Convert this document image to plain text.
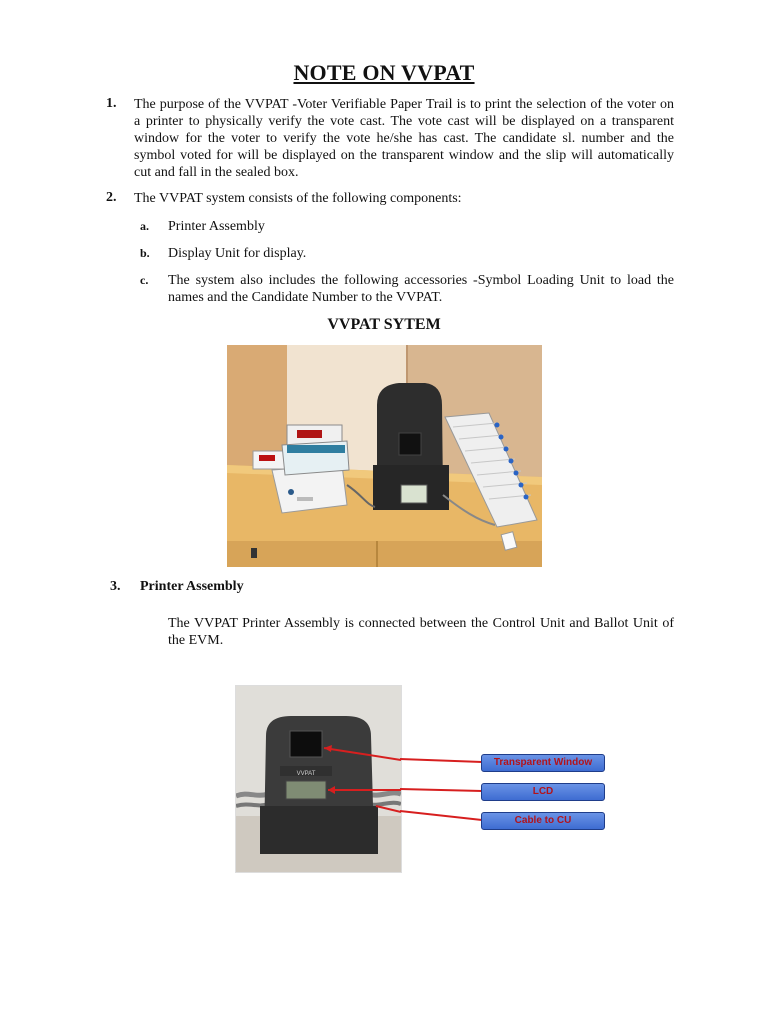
NOTE ON VVPAT
1. The purpose of the VVPAT -Voter Verifiable Paper Trail is to print the selection of the voter on a printer to physically verify the vote cast. The vote cast will be displayed on a transparent window for the voter to verify the vote he/she has cast. The candidate sl. number and the symbol voted for will be displayed on the transparent window and the slip will automatically cut and fall in the sealed box.
2. The VVPAT system consists of the following components:
a. Printer Assembly
b. Display Unit for display.
c. The system also includes the following accessories -Symbol Loading Unit to load the names and the Candidate Number to the VVPAT.
VVPAT SYTEM
3. Printer Assembly
The VVPAT Printer Assembly is connected between the Control Unit and Ballot Unit of the EVM.
VVPAT
Transparent Window
LCD
Cable to CU
